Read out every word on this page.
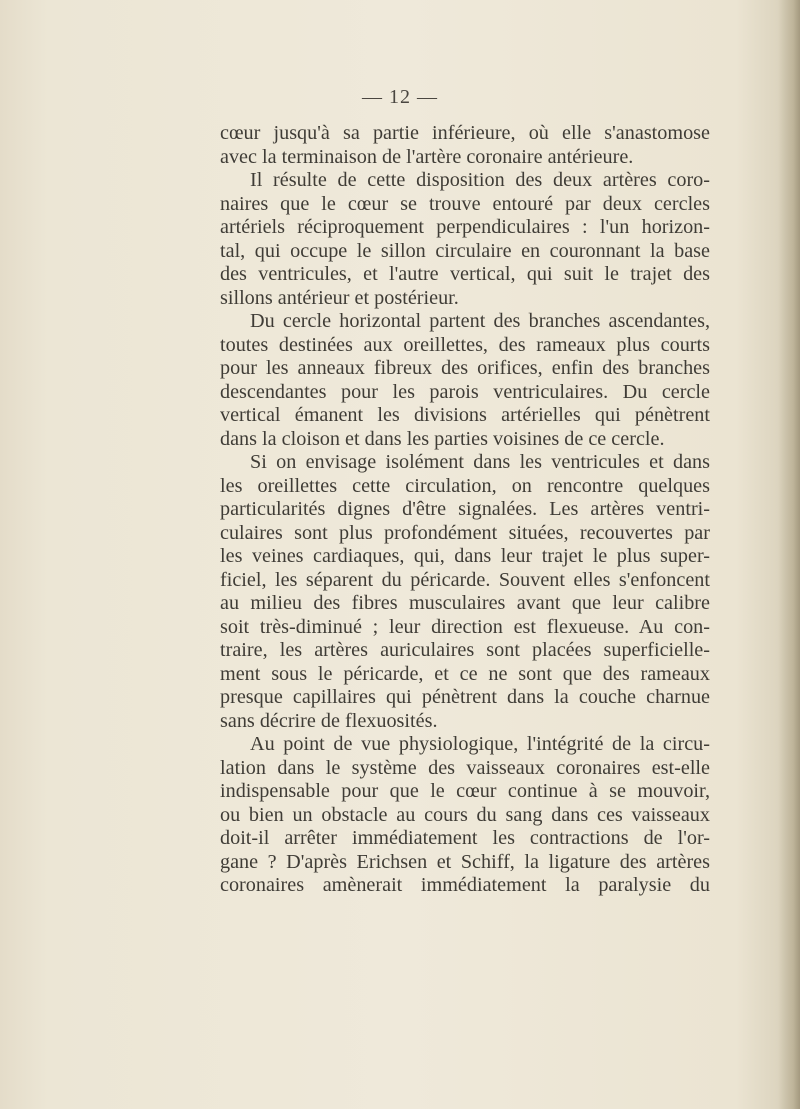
— 12 —
cœur jusqu'à sa partie inférieure, où elle s'anastomose
avec la terminaison de l'artère coronaire antérieure.
Il résulte de cette disposition des deux artères coro-
naires que le cœur se trouve entouré par deux cercles
artériels réciproquement perpendiculaires : l'un horizon-
tal, qui occupe le sillon circulaire en couronnant la base
des ventricules, et l'autre vertical, qui suit le trajet des
sillons antérieur et postérieur.
Du cercle horizontal partent des branches ascendantes,
toutes destinées aux oreillettes, des rameaux plus courts
pour les anneaux fibreux des orifices, enfin des branches
descendantes pour les parois ventriculaires. Du cercle
vertical émanent les divisions artérielles qui pénètrent
dans la cloison et dans les parties voisines de ce cercle.
Si on envisage isolément dans les ventricules et dans
les oreillettes cette circulation, on rencontre quelques
particularités dignes d'être signalées. Les artères ventri-
culaires sont plus profondément situées, recouvertes par
les veines cardiaques, qui, dans leur trajet le plus super-
ficiel, les séparent du péricarde. Souvent elles s'enfoncent
au milieu des fibres musculaires avant que leur calibre
soit très-diminué ; leur direction est flexueuse. Au con-
traire, les artères auriculaires sont placées superficielle-
ment sous le péricarde, et ce ne sont que des rameaux
presque capillaires qui pénètrent dans la couche charnue
sans décrire de flexuosités.
Au point de vue physiologique, l'intégrité de la circu-
lation dans le système des vaisseaux coronaires est-elle
indispensable pour que le cœur continue à se mouvoir,
ou bien un obstacle au cours du sang dans ces vaisseaux
doit-il arrêter immédiatement les contractions de l'or-
gane ? D'après Erichsen et Schiff, la ligature des artères
coronaires amènerait immédiatement la paralysie du
